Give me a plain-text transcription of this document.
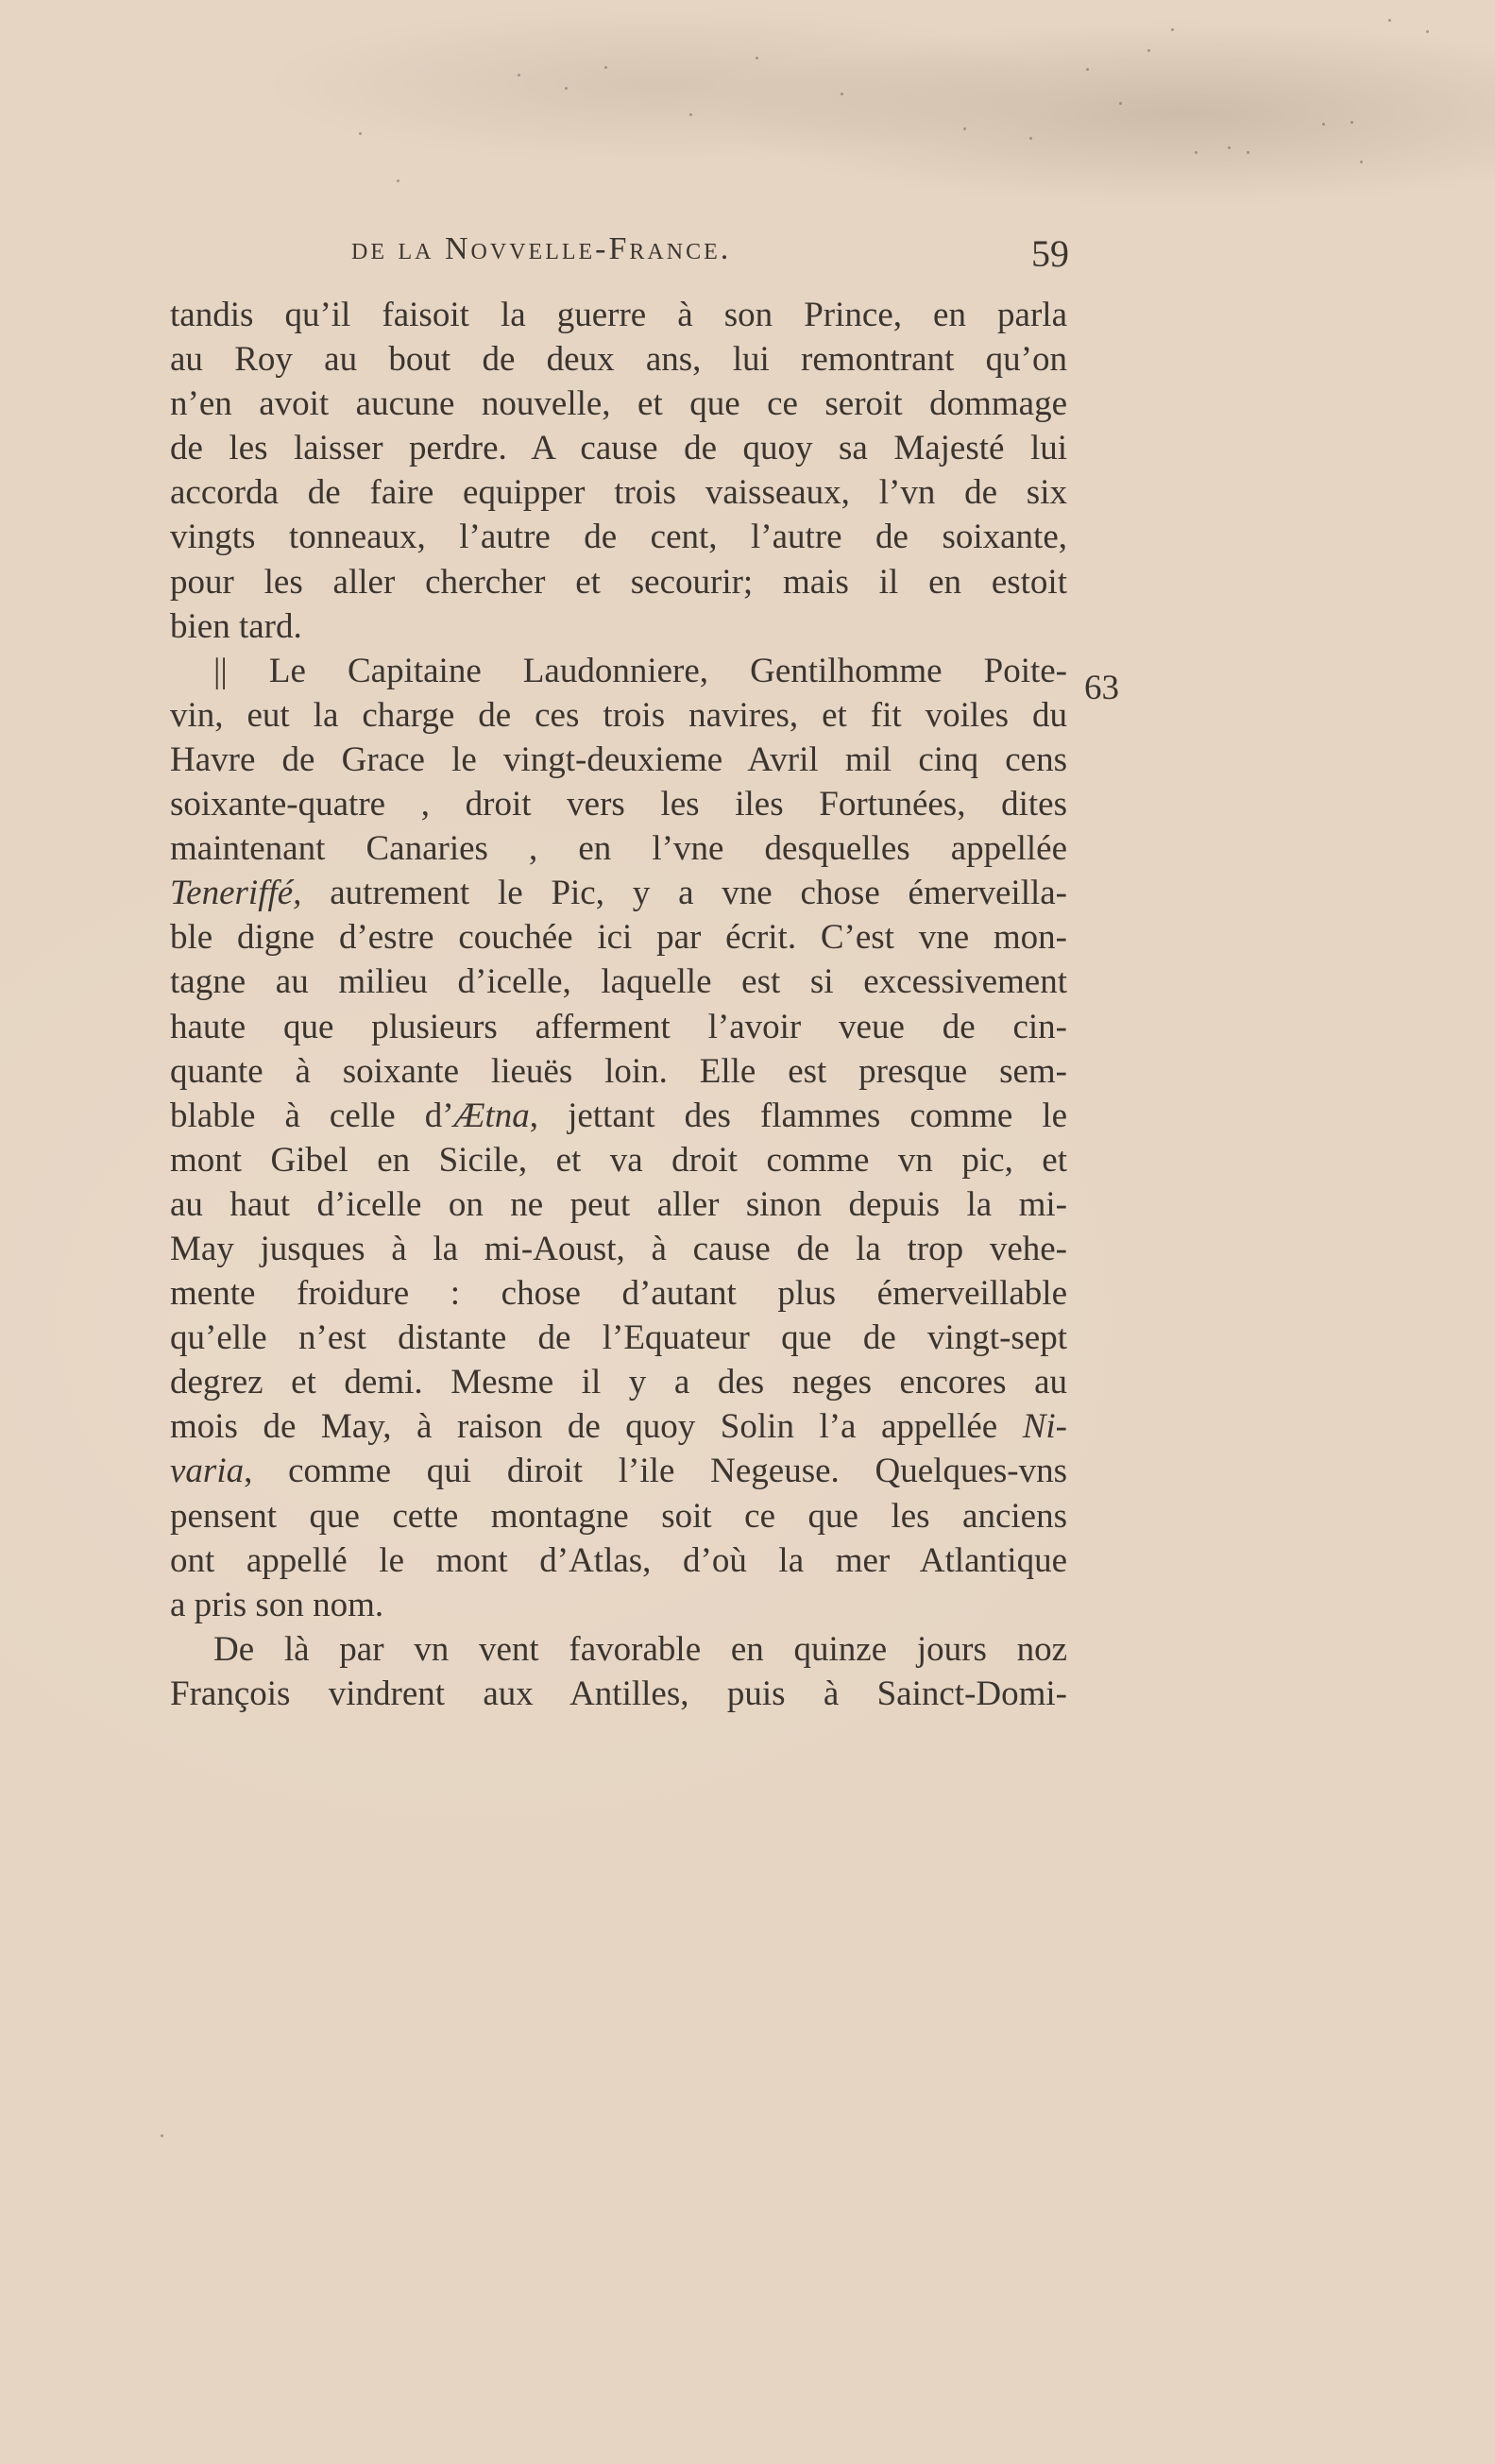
de la Novvelle-France.	59
63
tandis qu’il faisoit la guerre à son Prince, en parla
au Roy au bout de deux ans, lui remontrant qu’on
n’en avoit aucune nouvelle, et que ce seroit dommage
de les laisser perdre. A cause de quoy sa Majesté lui
accorda de faire equipper trois vaisseaux, l’vn de six
vingts tonneaux, l’autre de cent, l’autre de soixante,
pour les aller chercher et secourir; mais il en estoit
bien tard.
|| Le Capitaine Laudonniere, Gentilhomme Poite-
vin, eut la charge de ces trois navires, et fit voiles du
Havre de Grace le vingt-deuxieme Avril mil cinq cens
soixante-quatre , droit vers les iles Fortunées, dites
maintenant Canaries , en l’vne desquelles appellée
Teneriffé, autrement le Pic, y a vne chose émerveilla-
ble digne d’estre couchée ici par écrit. C’est vne mon-
tagne au milieu d’icelle, laquelle est si excessivement
haute que plusieurs afferment l’avoir veue de cin-
quante à soixante lieuës loin. Elle est presque sem-
blable à celle d’Ætna, jettant des flammes comme le
mont Gibel en Sicile, et va droit comme vn pic, et
au haut d’icelle on ne peut aller sinon depuis la mi-
May jusques à la mi-Aoust, à cause de la trop vehe-
mente froidure : chose d’autant plus émerveillable
qu’elle n’est distante de l’Equateur que de vingt-sept
degrez et demi. Mesme il y a des neges encores au
mois de May, à raison de quoy Solin l’a appellée Ni-
varia, comme qui diroit l’ile Negeuse. Quelques-vns
pensent que cette montagne soit ce que les anciens
ont appellé le mont d’Atlas, d’où la mer Atlantique
a pris son nom.
De là par vn vent favorable en quinze jours noz
François vindrent aux Antilles, puis à Sainct-Domi-
